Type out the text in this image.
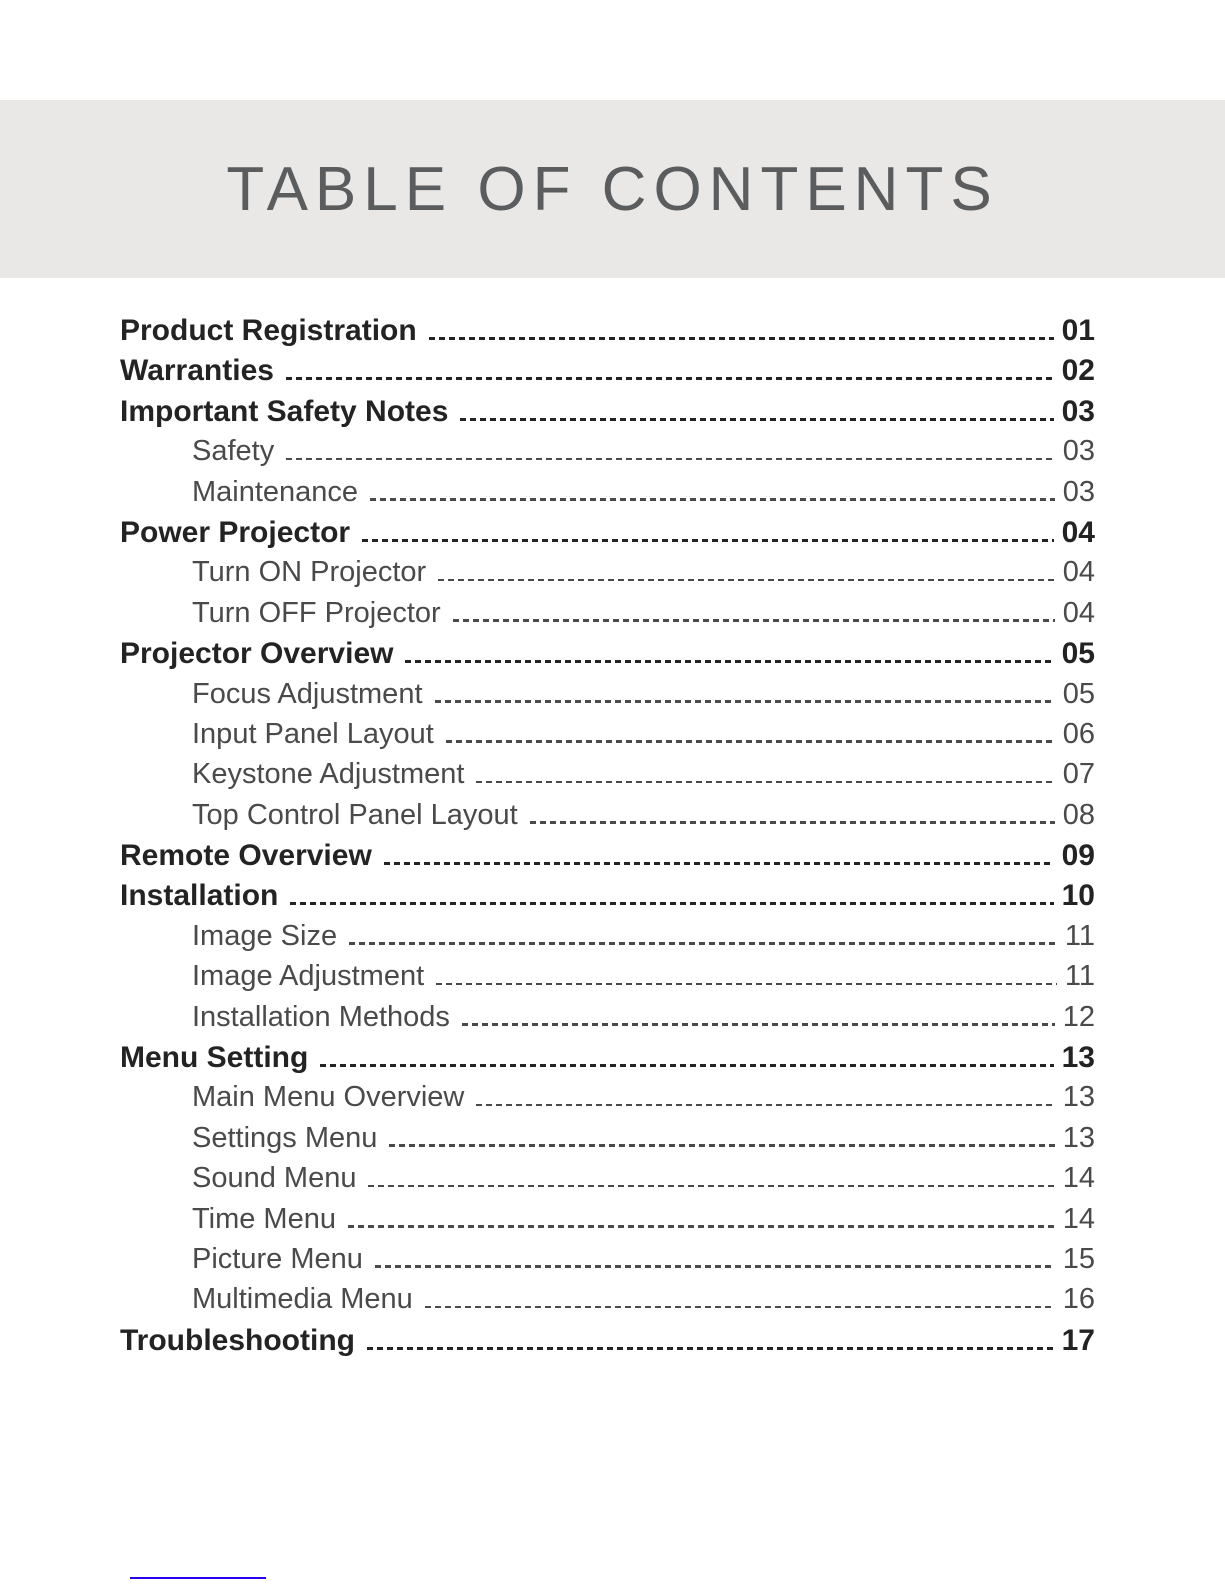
TABLE OF CONTENTS
Product Registration	01
Warranties	02
Important Safety Notes	03
Safety	03
Maintenance	03
Power Projector	04
Turn ON Projector	04
Turn OFF Projector	04
Projector Overview	05
Focus Adjustment	05
Input Panel Layout	06
Keystone Adjustment	07
Top Control Panel Layout	08
Remote Overview	09
Installation	10
Image Size	11
Image Adjustment	11
Installation Methods	12
Menu Setting	13
Main Menu Overview	13
Settings Menu	13
Sound Menu	14
Time Menu	14
Picture Menu	15
Multimedia Menu	16
Troubleshooting	17
